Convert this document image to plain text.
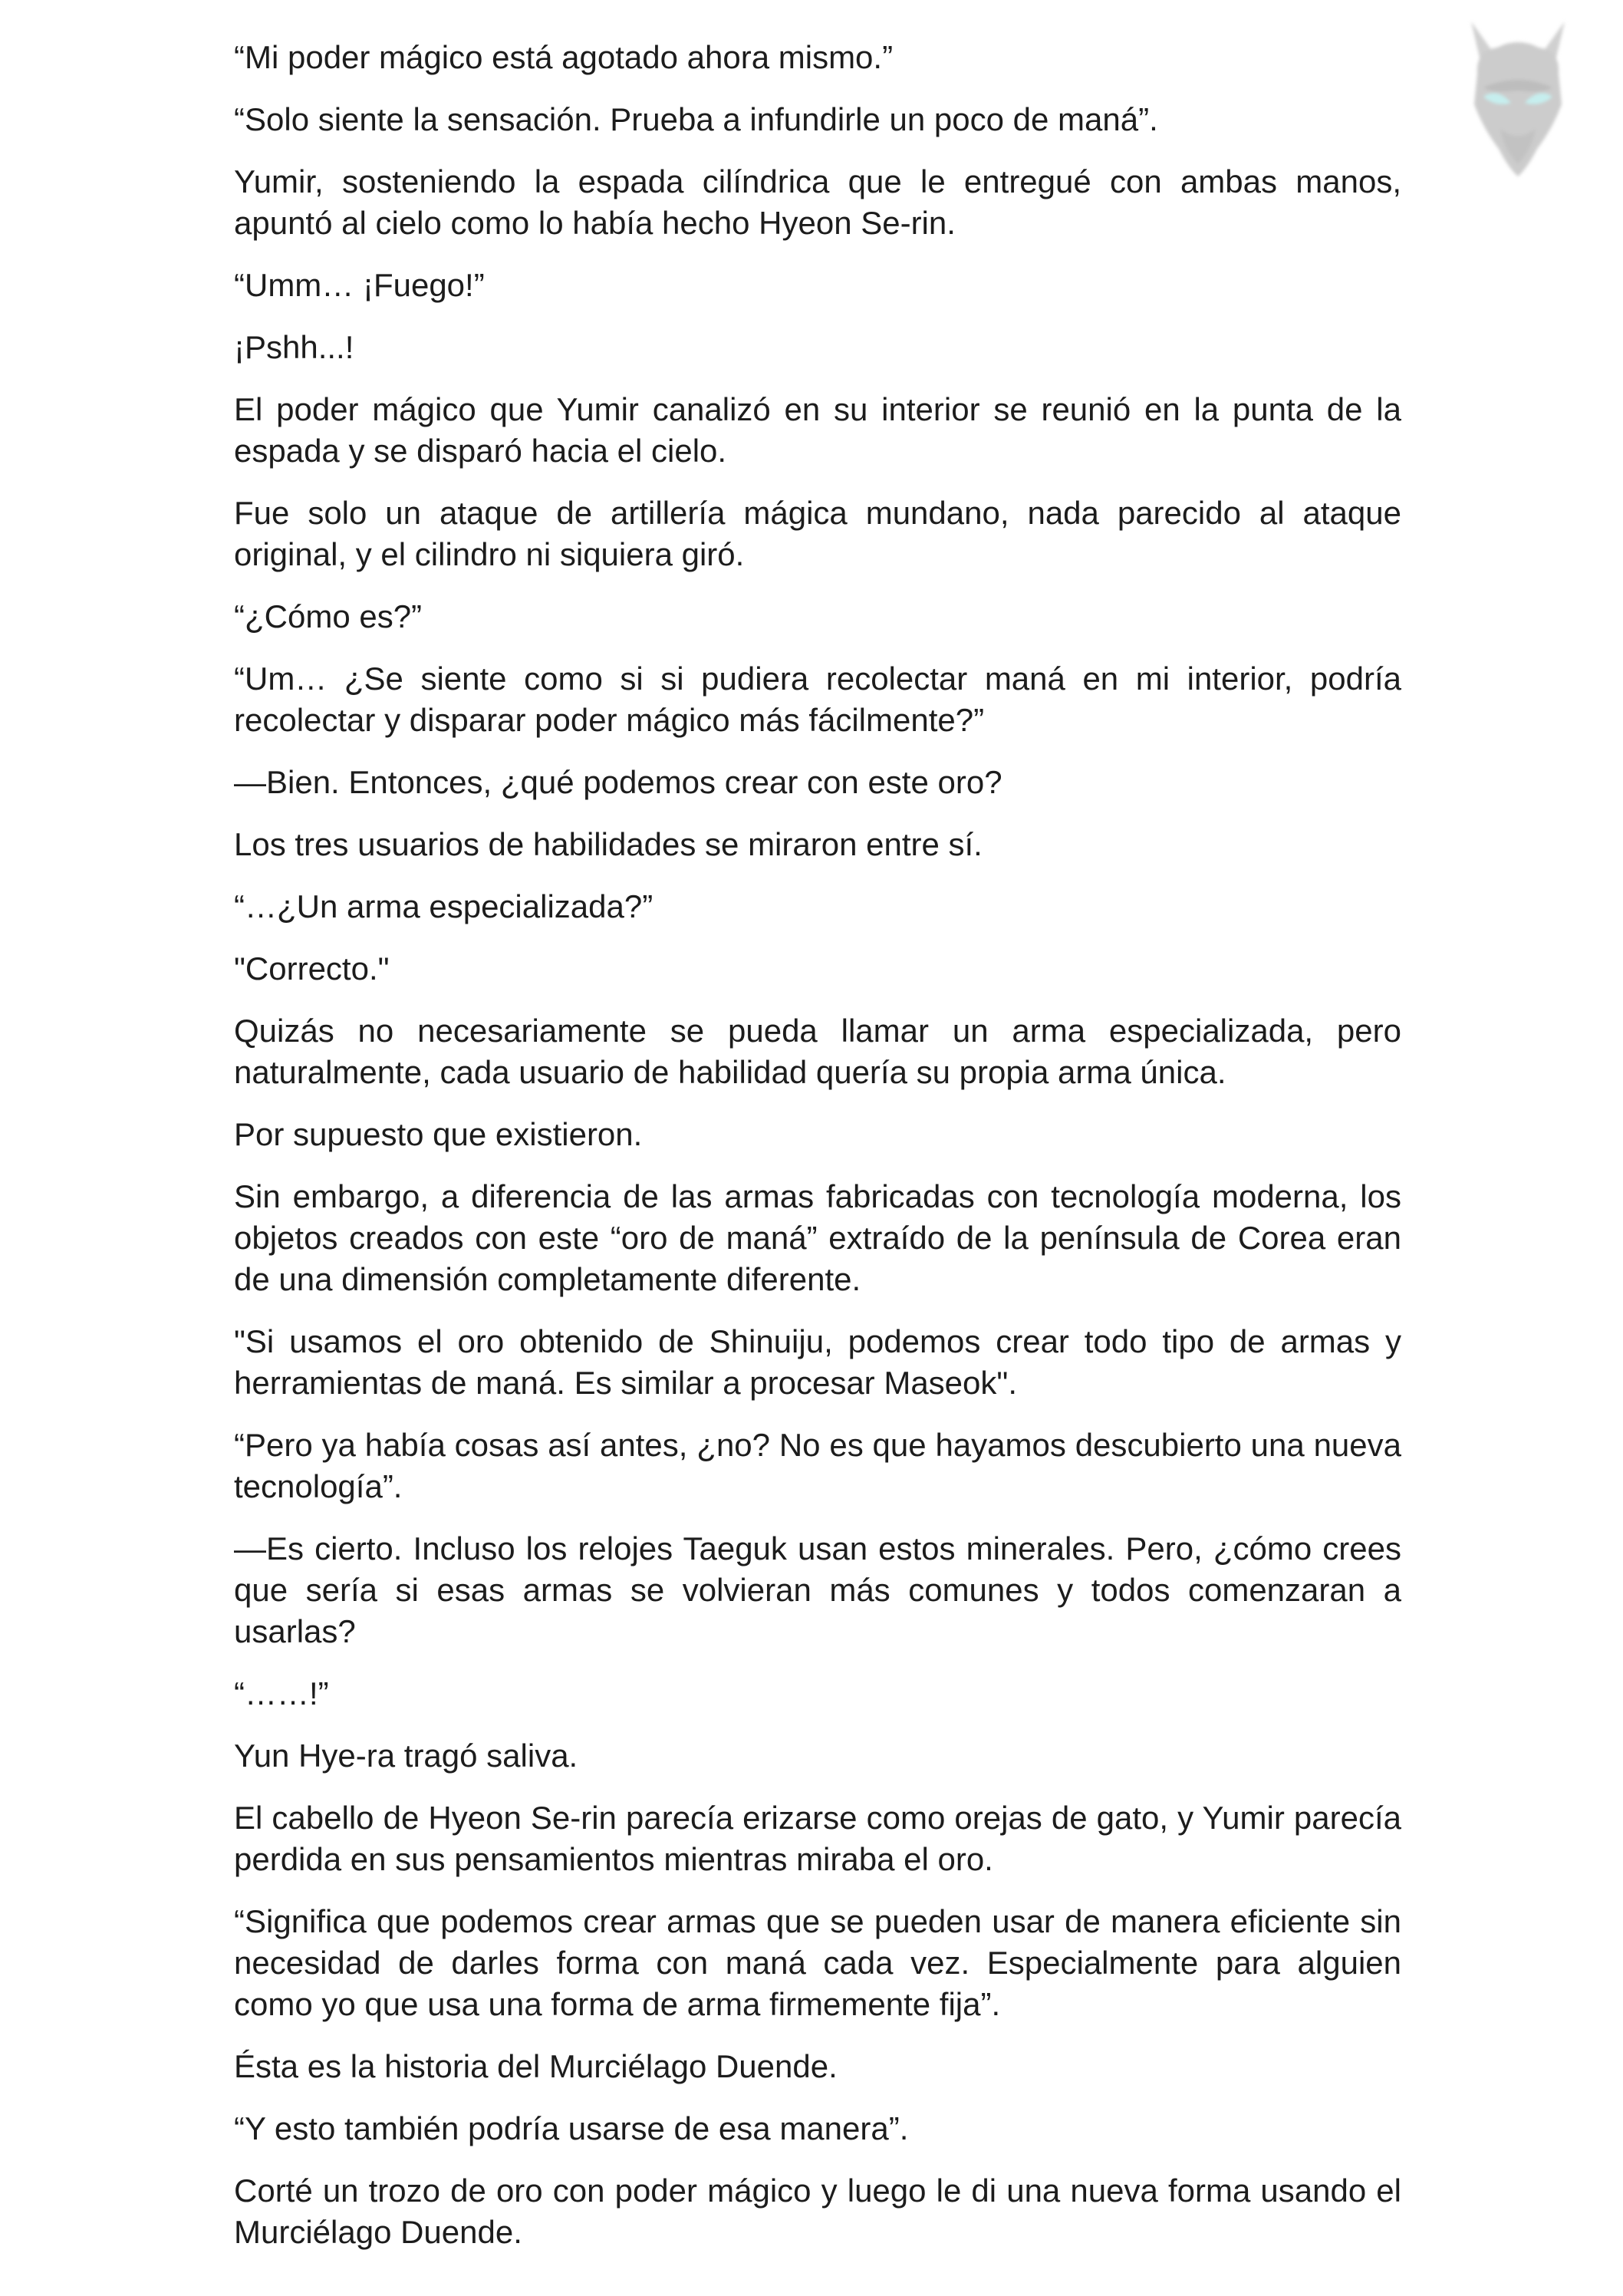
“Mi poder mágico está agotado ahora mismo.”

“Solo siente la sensación. Prueba a infundirle un poco de maná”.

Yumir, sosteniendo la espada cilíndrica que le entregué con ambas manos, apuntó al cielo como lo había hecho Hyeon Se-rin.

“Umm… ¡Fuego!”

¡Pshh...!

El poder mágico que Yumir canalizó en su interior se reunió en la punta de la espada y se disparó hacia el cielo.

Fue solo un ataque de artillería mágica mundano, nada parecido al ataque original, y el cilindro ni siquiera giró.

“¿Cómo es?”

“Um… ¿Se siente como si si pudiera recolectar maná en mi interior, podría recolectar y disparar poder mágico más fácilmente?”

—Bien. Entonces, ¿qué podemos crear con este oro?

Los tres usuarios de habilidades se miraron entre sí.

“…¿Un arma especializada?”

"Correcto."

Quizás no necesariamente se pueda llamar un arma especializada, pero naturalmente, cada usuario de habilidad quería su propia arma única.

Por supuesto que existieron.

Sin embargo, a diferencia de las armas fabricadas con tecnología moderna, los objetos creados con este “oro de maná” extraído de la península de Corea eran de una dimensión completamente diferente.

"Si usamos el oro obtenido de Shinuiju, podemos crear todo tipo de armas y herramientas de maná. Es similar a procesar Maseok".

“Pero ya había cosas así antes, ¿no? No es que hayamos descubierto una nueva tecnología”.

—Es cierto. Incluso los relojes Taeguk usan estos minerales. Pero, ¿cómo crees que sería si esas armas se volvieran más comunes y todos comenzaran a usarlas?

“……!”

Yun Hye-ra tragó saliva.

El cabello de Hyeon Se-rin parecía erizarse como orejas de gato, y Yumir parecía perdida en sus pensamientos mientras miraba el oro.

“Significa que podemos crear armas que se pueden usar de manera eficiente sin necesidad de darles forma con maná cada vez. Especialmente para alguien como yo que usa una forma de arma firmemente fija”.

Ésta es la historia del Murciélago Duende.

“Y esto también podría usarse de esa manera”.

Corté un trozo de oro con poder mágico y luego le di una nueva forma usando el Murciélago Duende.
